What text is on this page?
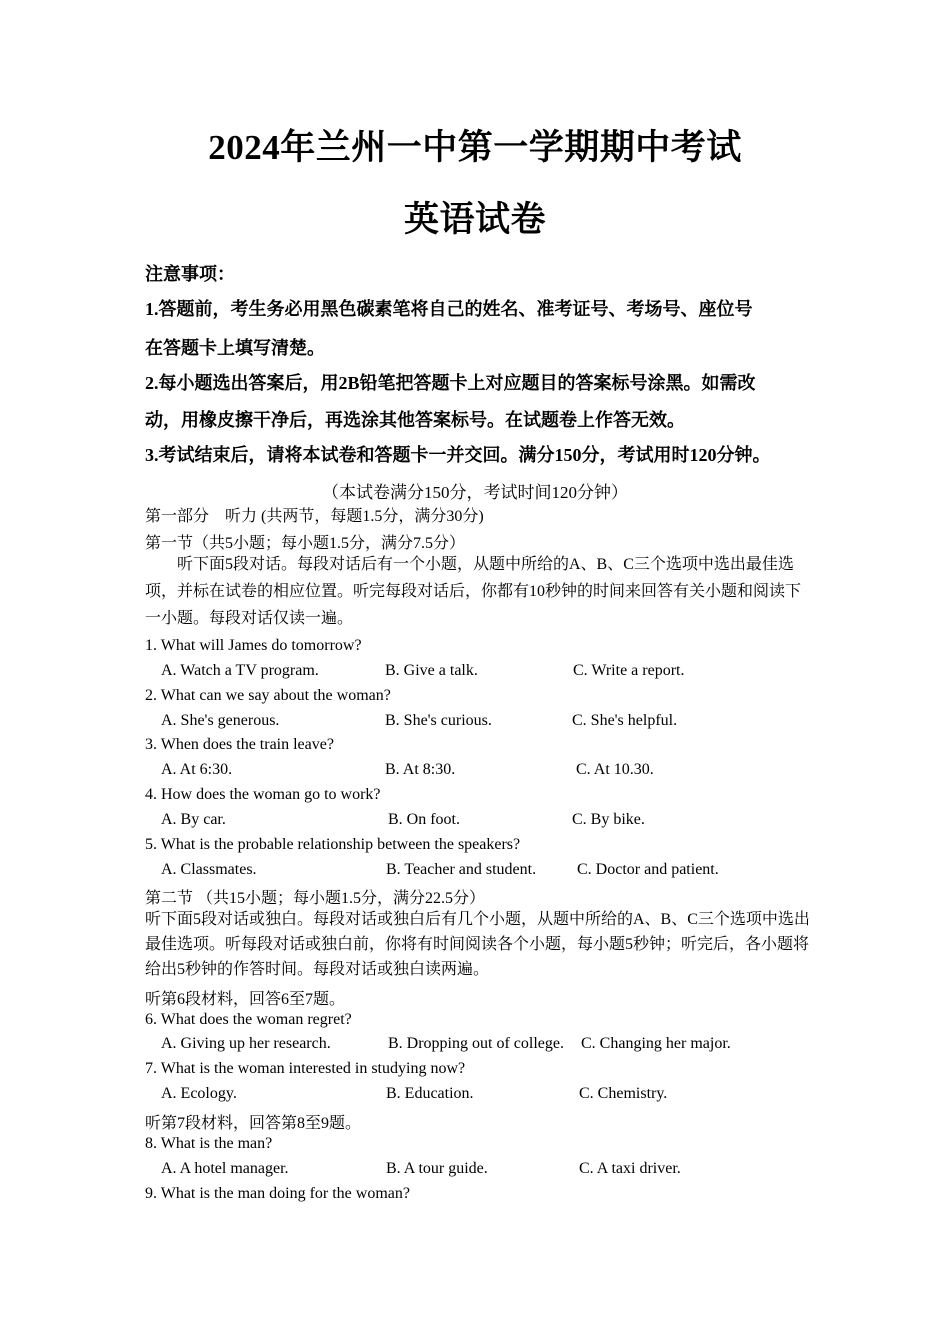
2024年兰州一中第一学期期中考试
英语试卷
注意事项：
1.答题前，考生务必用黑色碳素笔将自己的姓名、准考证号、考场号、座位号
在答题卡上填写清楚。
2.每小题选出答案后，用2B铅笔把答题卡上对应题目的答案标号涂黑。如需改
动，用橡皮擦干净后，再选涂其他答案标号。在试题卷上作答无效。
3.考试结束后，请将本试卷和答题卡一并交回。满分150分，考试用时120分钟。
（本试卷满分150分，考试时间120分钟）
第一部分　听力 (共两节，每题1.5分，满分30分)
第一节（共5小题；每小题1.5分，满分7.5分）
听下面5段对话。每段对话后有一个小题，从题中所给的A、B、C三个选项中选出最佳选项，并标在试卷的相应位置。听完每段对话后，你都有10秒钟的时间来回答有关小题和阅读下一小题。每段对话仅读一遍。
1. What will James do tomorrow?
A. Watch a TV program.	B. Give a talk.	C. Write a report.
2. What can we say about the woman?
A. She's generous.	B. She's curious.	C. She's helpful.
3. When does the train leave?
A. At 6:30.	B. At 8:30.	C. At 10.30.
4. How does the woman go to work?
A. By car.	B. On foot.	C. By bike.
5. What is the probable relationship between the speakers?
A. Classmates.	B. Teacher and student.	C. Doctor and patient.
第二节 （共15小题；每小题1.5分，满分22.5分）
听下面5段对话或独白。每段对话或独白后有几个小题，从题中所给的A、B、C三个选项中选出最佳选项。听每段对话或独白前，你将有时间阅读各个小题，每小题5秒钟；听完后，各小题将给出5秒钟的作答时间。每段对话或独白读两遍。
听第6段材料，回答6至7题。
6. What does the woman regret?
A. Giving up her research.	B. Dropping out of college. C. Changing her major.
7. What is the woman interested in studying now?
A. Ecology.	B. Education.	C. Chemistry.
听第7段材料，回答第8至9题。
8. What is the man?
A. A hotel manager.	B. A tour guide.	C. A taxi driver.
9. What is the man doing for the woman?
